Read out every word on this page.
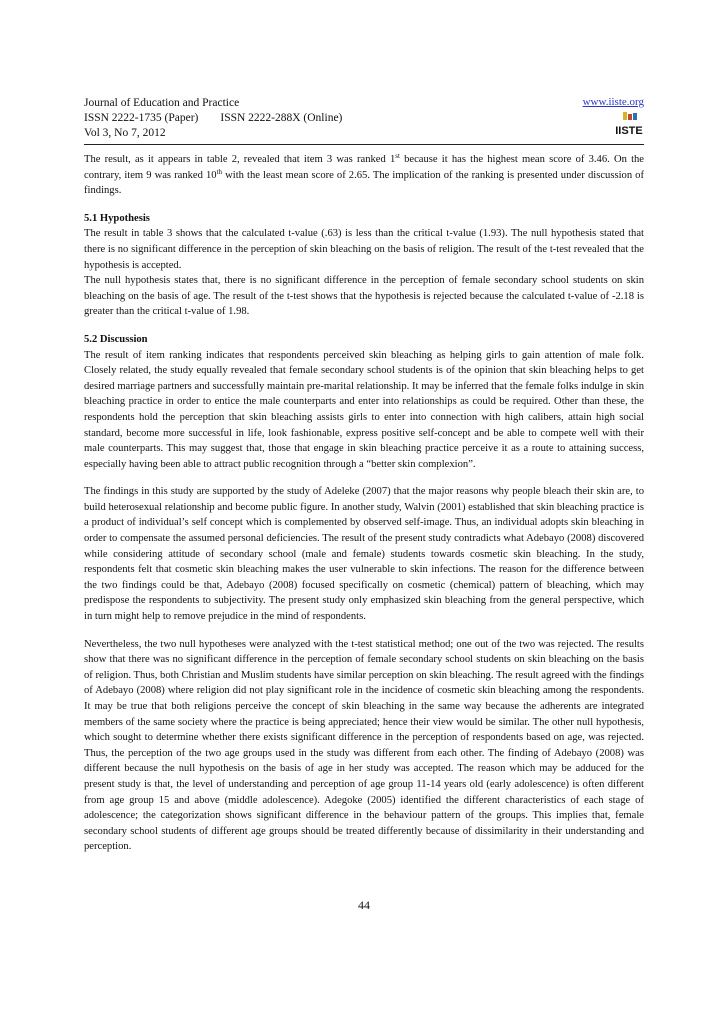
Journal of Education and Practice
ISSN 2222-1735 (Paper) ISSN 2222-288X (Online)
Vol 3, No 7, 2012
www.iiste.org
IISTE

The result, as it appears in table 2, revealed that item 3 was ranked 1st because it has the highest mean score of 3.46. On the contrary, item 9 was ranked 10th with the least mean score of 2.65. The implication of the ranking is presented under discussion of findings.

5.1 Hypothesis

The result in table 3 shows that the calculated t-value (.63) is less than the critical t-value (1.93). The null hypothesis stated that there is no significant difference in the perception of skin bleaching on the basis of religion. The result of the t-test revealed that the hypothesis is accepted.

The null hypothesis states that, there is no significant difference in the perception of female secondary school students on skin bleaching on the basis of age. The result of the t-test shows that the hypothesis is rejected because the calculated t-value of -2.18 is greater than the critical t-value of 1.98.

5.2 Discussion

The result of item ranking indicates that respondents perceived skin bleaching as helping girls to gain attention of male folk. Closely related, the study equally revealed that female secondary school students is of the opinion that skin bleaching helps to get desired marriage partners and successfully maintain pre-marital relationship. It may be inferred that the female folks indulge in skin bleaching practice in order to entice the male counterparts and enter into relationships as could be required. Other than these, the respondents hold the perception that skin bleaching assists girls to enter into connection with high calibers, attain high social standard, become more successful in life, look fashionable, express positive self-concept and be able to compete well with their male counterparts. This may suggest that, those that engage in skin bleaching practice perceive it as a route to attaining success, especially having been able to attract public recognition through a “better skin complexion”.

The findings in this study are supported by the study of Adeleke (2007) that the major reasons why people bleach their skin are, to build heterosexual relationship and become public figure. In another study, Walvin (2001) established that skin bleaching practice is a product of individual’s self concept which is complemented by observed self-image. Thus, an individual adopts skin bleaching in order to compensate the assumed personal deficiencies. The result of the present study contradicts what Adebayo (2008) discovered while considering attitude of secondary school (male and female) students towards cosmetic skin bleaching. In the study, respondents felt that cosmetic skin bleaching makes the user vulnerable to skin infections. The reason for the difference between the two findings could be that, Adebayo (2008) focused specifically on cosmetic (chemical) pattern of bleaching, which may predispose the respondents to subjectivity. The present study only emphasized skin bleaching from the general perspective, which in turn might help to remove prejudice in the mind of respondents.

Nevertheless, the two null hypotheses were analyzed with the t-test statistical method; one out of the two was rejected. The results show that there was no significant difference in the perception of female secondary school students on skin bleaching on the basis of religion. Thus, both Christian and Muslim students have similar perception on skin bleaching. The result agreed with the findings of Adebayo (2008) where religion did not play significant role in the incidence of cosmetic skin bleaching among the respondents. It may be true that both religions perceive the concept of skin bleaching in the same way because the adherents are integrated members of the same society where the practice is being appreciated; hence their view would be similar. The other null hypothesis, which sought to determine whether there exists significant difference in the perception of respondents based on age, was rejected. Thus, the perception of the two age groups used in the study was different from each other. The finding of Adebayo (2008) was different because the null hypothesis on the basis of age in her study was accepted. The reason which may be adduced for the present study is that, the level of understanding and perception of age group 11-14 years old (early adolescence) is often different from age group 15 and above (middle adolescence). Adegoke (2005) identified the different characteristics of each stage of adolescence; the categorization shows significant difference in the behaviour pattern of the groups. This implies that, female secondary school students of different age groups should be treated differently because of dissimilarity in their understanding and perception.

44
